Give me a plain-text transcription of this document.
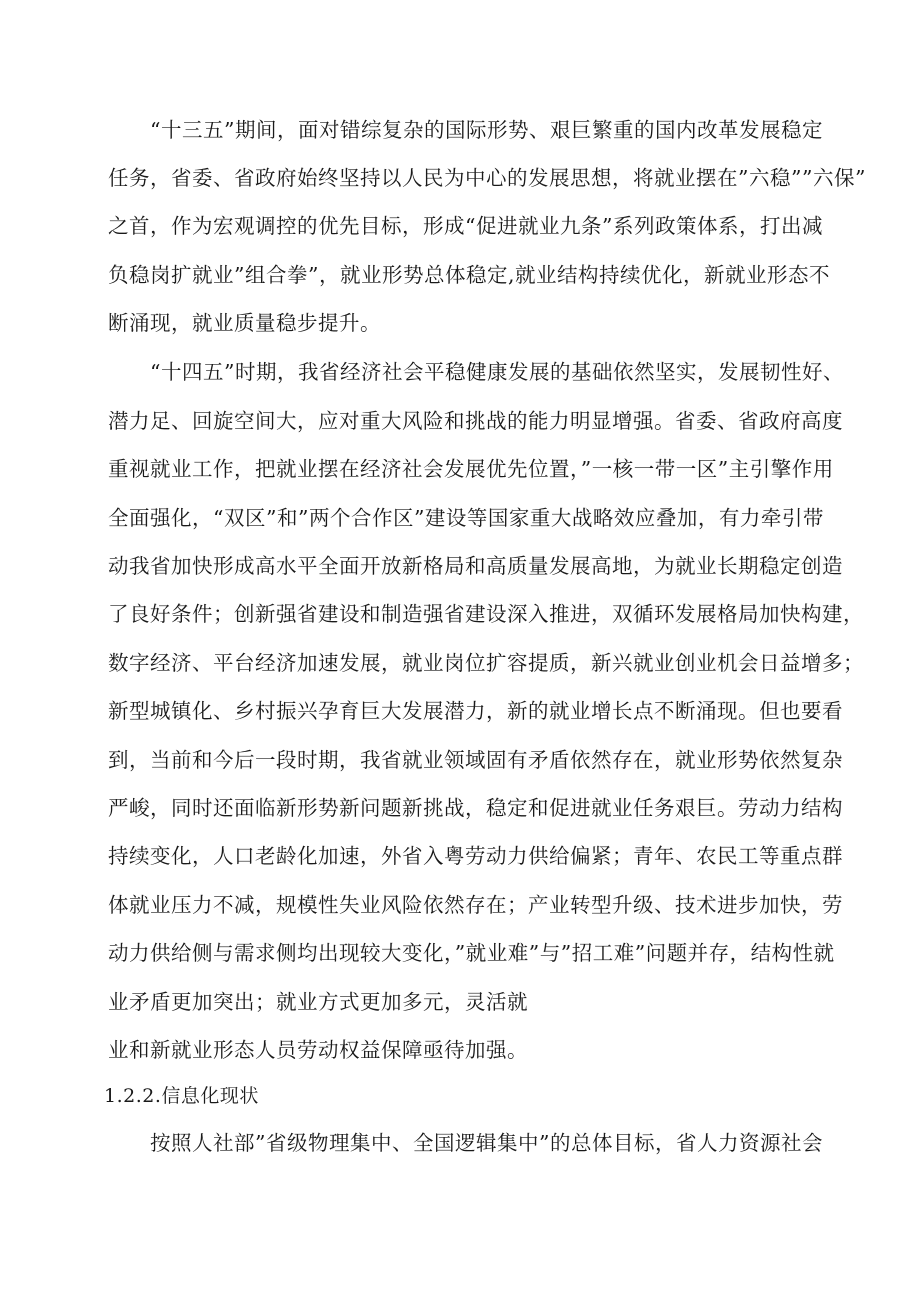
“十三五”期间，面对错综复杂的国际形势、艰巨繁重的国内改革发展稳定
任务，省委、省政府始终坚持以人民为中心的发展思想，将就业摆在”六稳””六保”
之首，作为宏观调控的优先目标，形成“促进就业九条”系列政策体系，打出减
负稳岗扩就业”组合拳”，就业形势总体稳定,就业结构持续优化，新就业形态不
断涌现，就业质量稳步提升。
“十四五”时期，我省经济社会平稳健康发展的基础依然坚实，发展韧性好、
潜力足、回旋空间大，应对重大风险和挑战的能力明显增强。省委、省政府高度
重视就业工作，把就业摆在经济社会发展优先位置，”一核一带一区”主引擎作用
全面强化，“双区”和”两个合作区”建设等国家重大战略效应叠加，有力牵引带
动我省加快形成高水平全面开放新格局和高质量发展高地，为就业长期稳定创造
了良好条件；创新强省建设和制造强省建设深入推进，双循环发展格局加快构建，
数字经济、平台经济加速发展，就业岗位扩容提质，新兴就业创业机会日益增多；
新型城镇化、乡村振兴孕育巨大发展潜力，新的就业增长点不断涌现。但也要看
到，当前和今后一段时期，我省就业领域固有矛盾依然存在，就业形势依然复杂
严峻，同时还面临新形势新问题新挑战，稳定和促进就业任务艰巨。劳动力结构
持续变化，人口老龄化加速，外省入粤劳动力供给偏紧；青年、农民工等重点群
体就业压力不减，规模性失业风险依然存在；产业转型升级、技术进步加快，劳
动力供给侧与需求侧均出现较大变化，”就业难”与”招工难”问题并存，结构性就
业矛盾更加突出；就业方式更加多元，灵活就
业和新就业形态人员劳动权益保障亟待加强。
1.2.2.信息化现状
按照人社部”省级物理集中、全国逻辑集中”的总体目标，省人力资源社会
